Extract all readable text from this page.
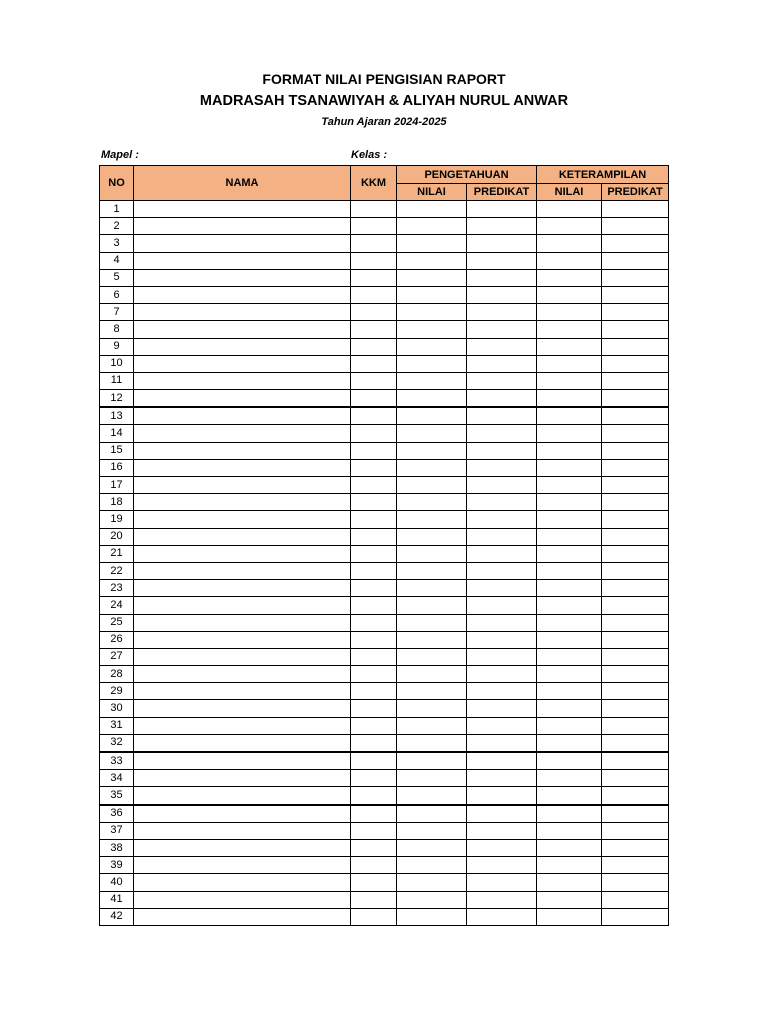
FORMAT NILAI PENGISIAN RAPORT
MADRASAH TSANAWIYAH & ALIYAH NURUL ANWAR
Tahun Ajaran 2024-2025
Mapel :	Kelas :
NO	NAMA	KKM	PENGETAHUAN		KETERAMPILAN	
			NILAI	PREDIKAT	NILAI	PREDIKAT
1						
2						
3						
4						
5						
6						
7						
8						
9						
10						
11						
12						
13						
14						
15						
16						
17						
18						
19						
20						
21						
22						
23						
24						
25						
26						
27						
28						
29						
30						
31						
32						
33						
34						
35						
36						
37						
38						
39						
40						
41						
42						
